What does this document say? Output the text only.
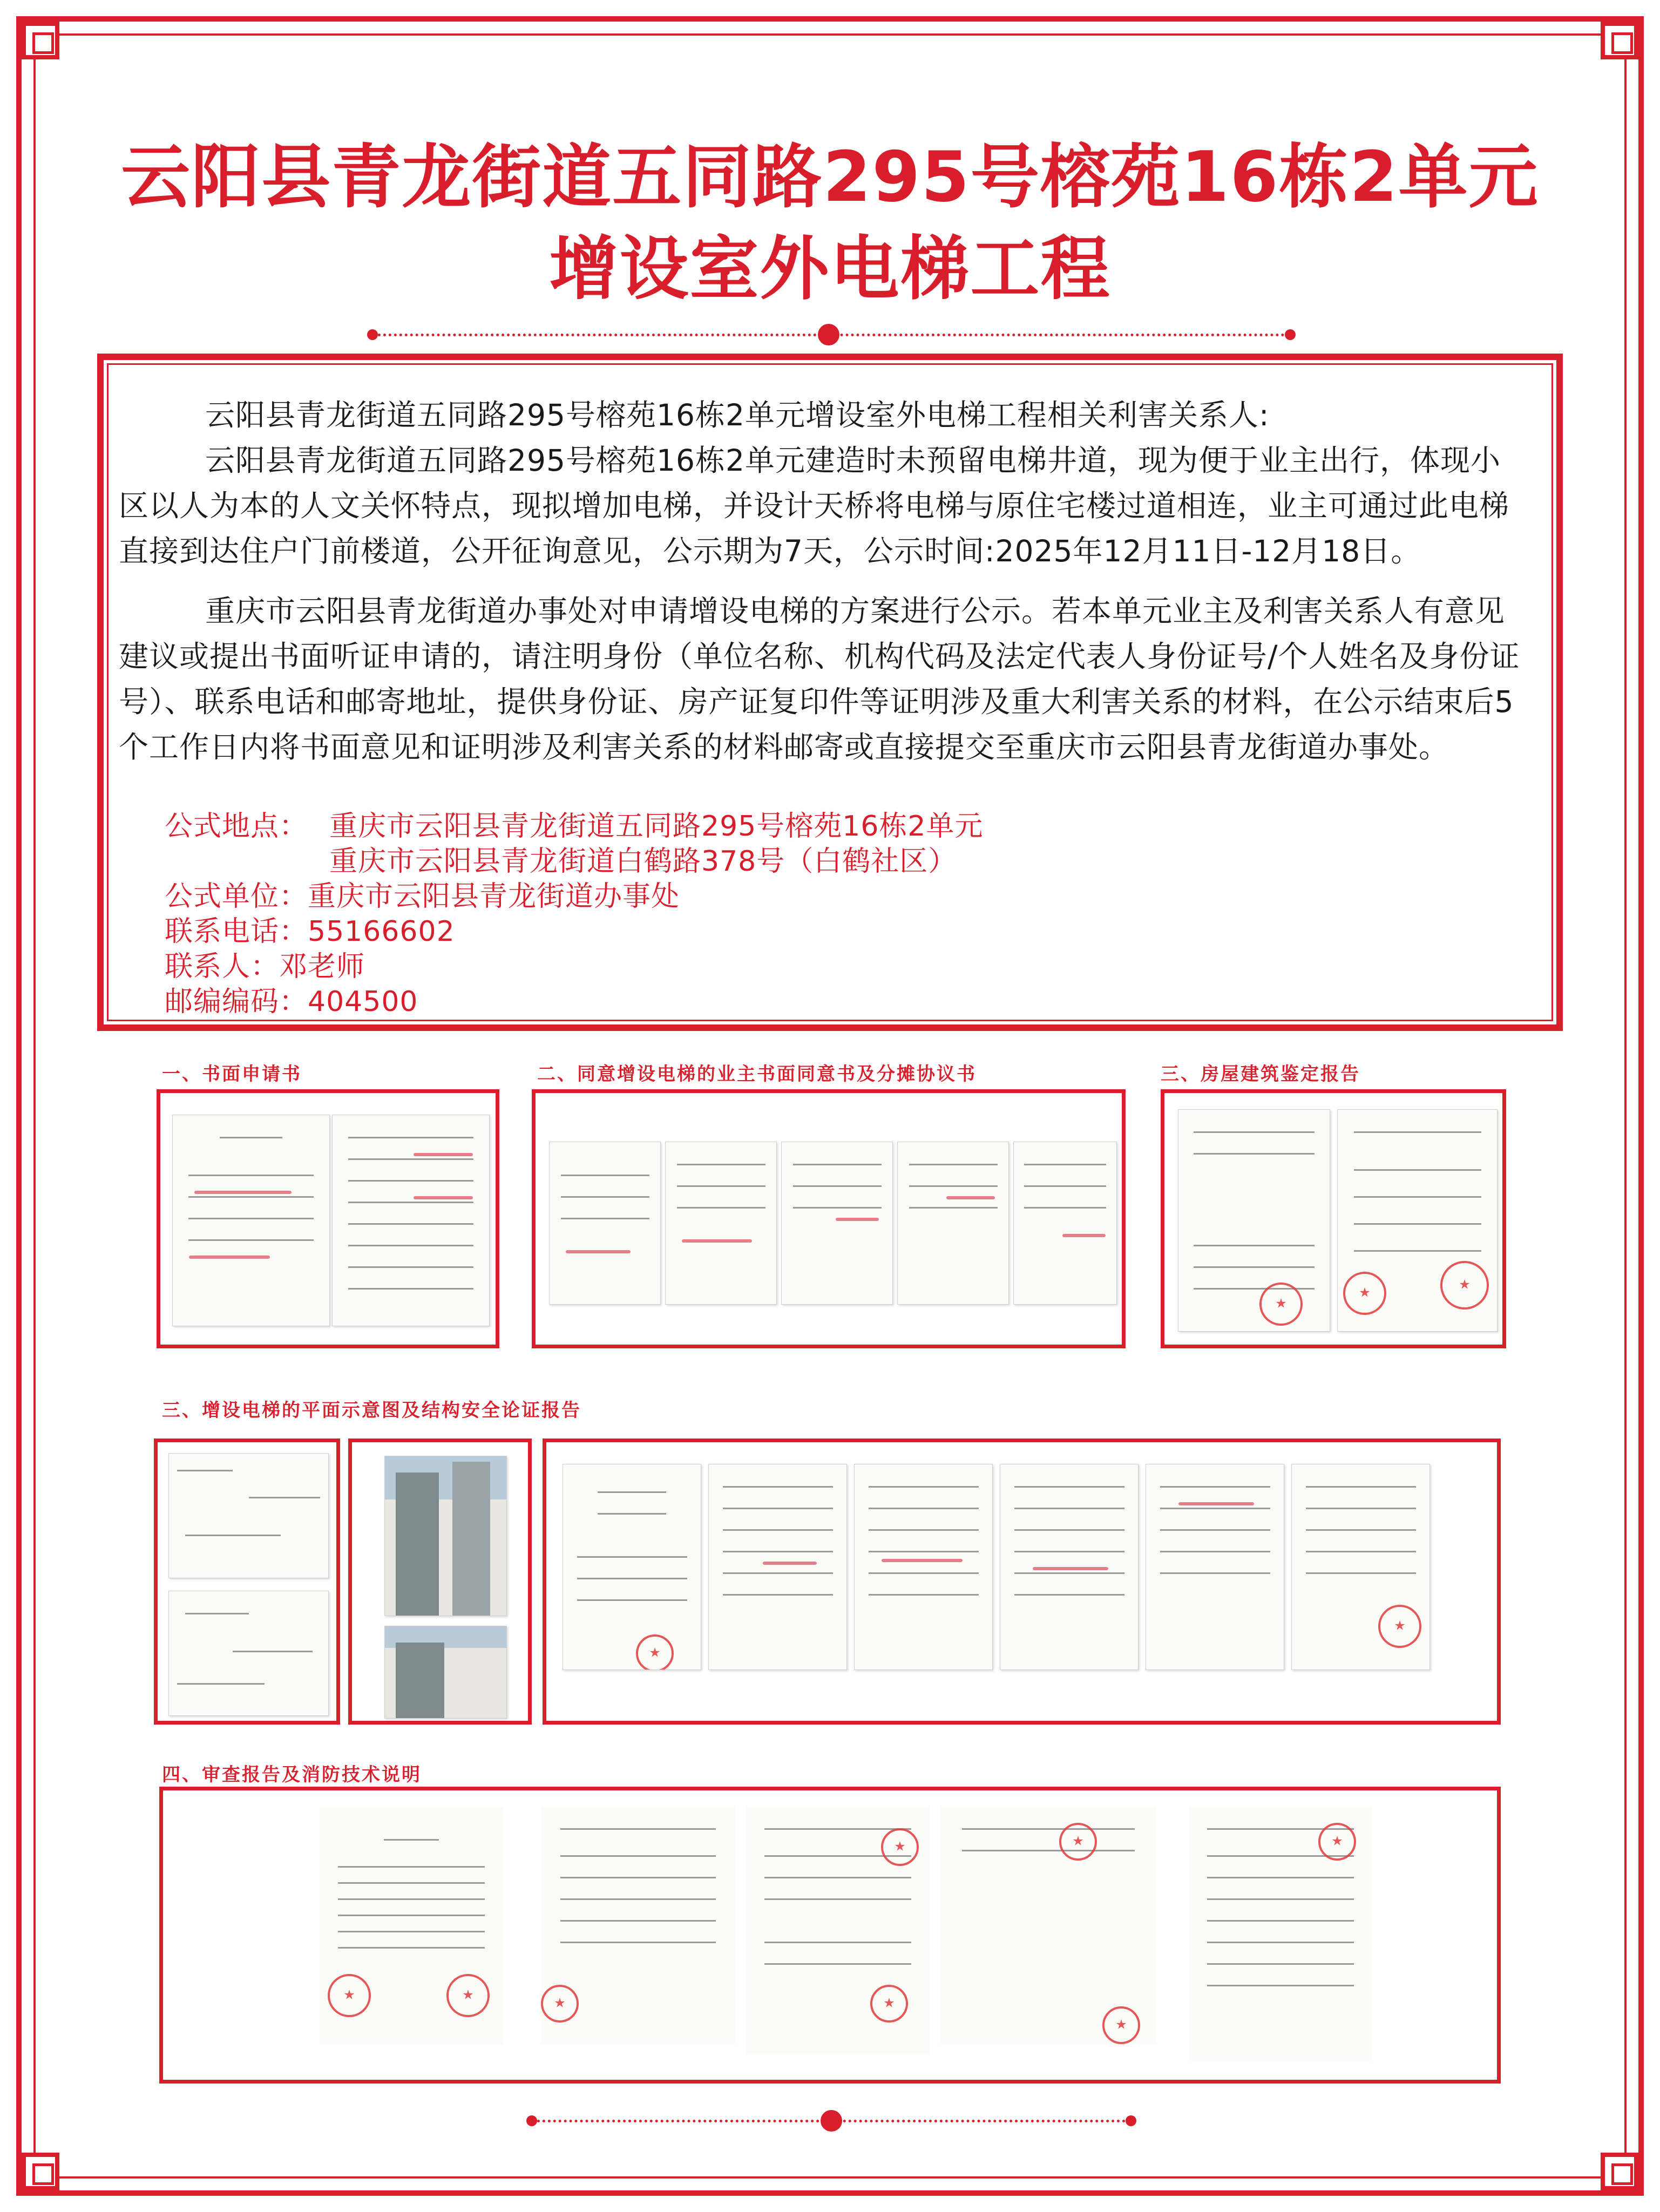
云阳县青龙街道五同路295号榕苑16栋2单元
增设室外电梯工程
云阳县青龙街道五同路295号榕苑16栋2单元增设室外电梯工程相关利害关系人:
云阳县青龙街道五同路295号榕苑16栋2单元建造时未预留电梯井道，现为便于业主出行，体现小区以人为本的人文关怀特点，现拟增加电梯，并设计天桥将电梯与原住宅楼过道相连，业主可通过此电梯直接到达住户门前楼道，公开征询意见，公示期为7天，公示时间:2025年12月11日-12月18日。
重庆市云阳县青龙街道办事处对申请增设电梯的方案进行公示。若本单元业主及利害关系人有意见建议或提出书面听证申请的，请注明身份（单位名称、机构代码及法定代表人身份证号/个人姓名及身份证号）、联系电话和邮寄地址，提供身份证、房产证复印件等证明涉及重大利害关系的材料，在公示结束后5个工作日内将书面意见和证明涉及利害关系的材料邮寄或直接提交至重庆市云阳县青龙街道办事处。
公式地点： 重庆市云阳县青龙街道五同路295号榕苑16栋2单元
重庆市云阳县青龙街道白鹤路378号（白鹤社区）
公式单位：重庆市云阳县青龙街道办事处
联系电话：55166602
联系人：邓老师
邮编编码：404500
一、书面申请书	二、同意增设电梯的业主书面同意书及分摊协议书	三、房屋建筑鉴定报告
★
★
★
三、增设电梯的平面示意图及结构安全论证报告
★
★
四、审查报告及消防技术说明
★
★
★
★
★
★
★
★
